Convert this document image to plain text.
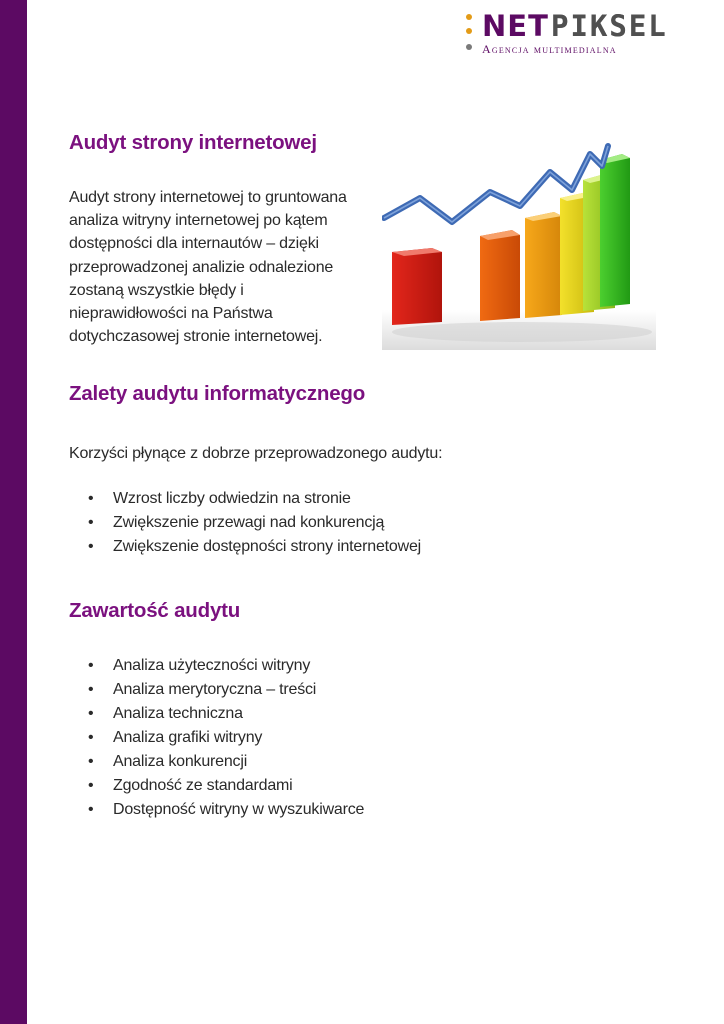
NET PIKSEL
Agencja multimedialna
Audyt strony internetowej
Audyt strony internetowej to gruntowana
analiza witryny internetowej po kątem
dostępności dla internautów – dzięki
przeprowadzonej analizie odnalezione
zostaną wszystkie błędy i
nieprawidłowości na Państwa
dotychczasowej stronie internetowej.
Zalety audytu informatycznego
Korzyści płynące z dobrze przeprowadzonego audytu:
• Wzrost liczby odwiedzin na stronie
• Zwiększenie przewagi nad konkurencją
• Zwiększenie dostępności strony internetowej
Zawartość audytu
• Analiza użyteczności witryny
• Analiza merytoryczna – treści
• Analiza techniczna
• Analiza grafiki witryny
• Analiza konkurencji
• Zgodność ze standardami
• Dostępność witryny w wyszukiwarce
